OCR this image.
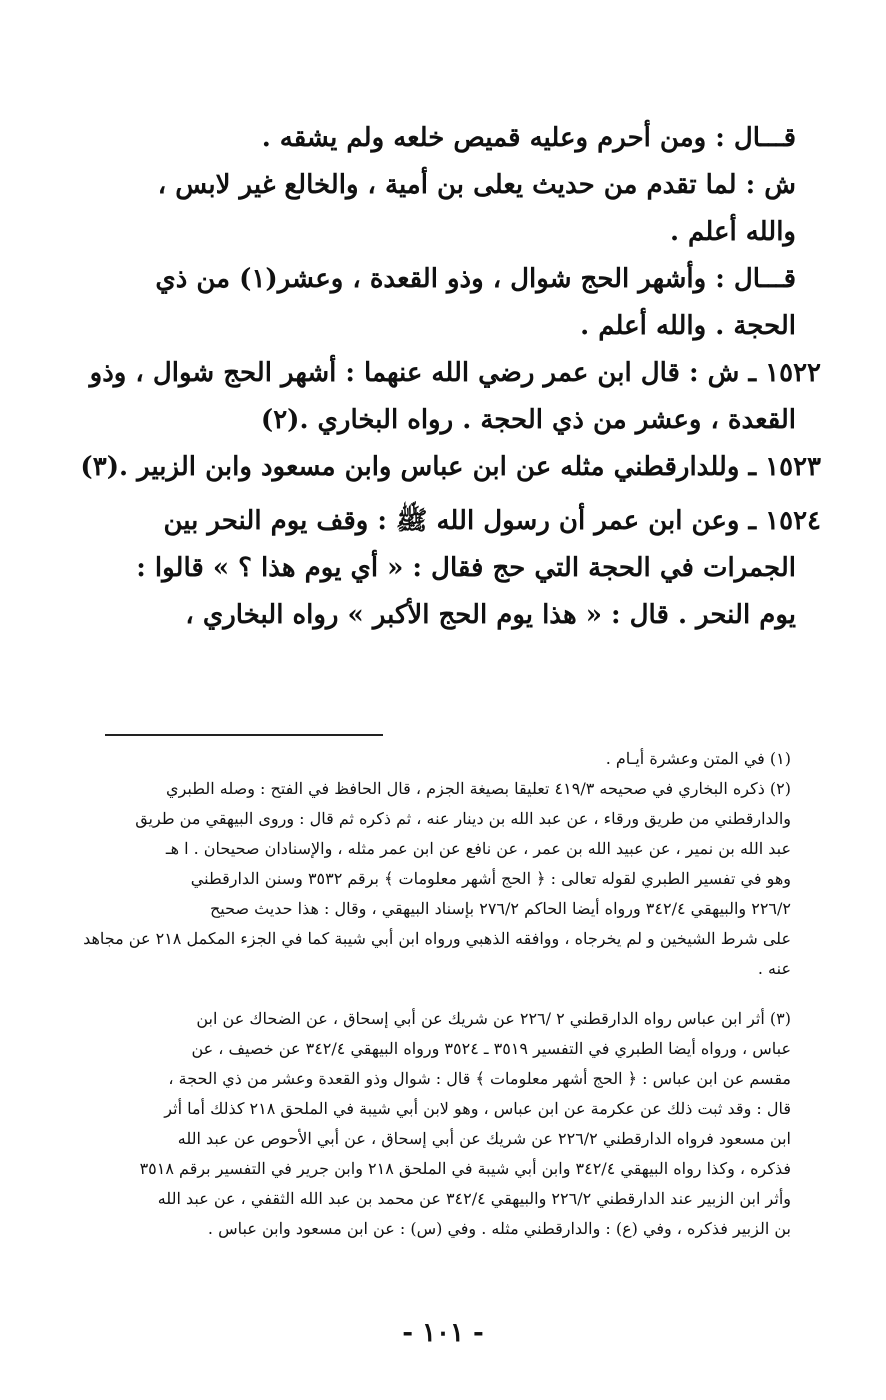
قـــال : ومن أحرم وعليه قميص خلعه ولم يشقه .
ش : لما تقدم من حديث يعلى بن أمية ، والخالع غير لابس ،
والله أعلم .
قـــال : وأشهر الحج شوال ، وذو القعدة ، وعشر(١) من ذي
الحجة . والله أعلم .
١٥٢٢ ـ ش : قال ابن عمر رضي الله عنهما : أشهر الحج شوال ، وذو
القعدة ، وعشر من ذي الحجة . رواه البخاري .(٢)
١٥٢٣ ـ وللدارقطني مثله عن ابن عباس وابن مسعود وابن الزبير .(٣)
١٥٢٤ ـ وعن ابن عمر أن رسول الله ﷺ : وقف يوم النحر بين
الجمرات في الحجة التي حج فقال : « أي يوم هذا ؟ » قالوا :
يوم النحر . قال : « هذا يوم الحج الأكبر » رواه البخاري ،
(١) في المتن وعشرة أيـام .
(٢) ذكره البخاري في صحيحه ٤١٩/٣ تعليقا بصيغة الجزم ، قال الحافظ في الفتح : وصله الطبري
والدارقطني من طريق ورقاء ، عن عبد الله بن دينار عنه ، ثم ذكره ثم قال : وروى البيهقي من طريق
عبد الله بن نمير ، عن عبيد الله بن عمر ، عن نافع عن ابن عمر مثله ، والإسنادان صحيحان . ا هـ
وهو في تفسير الطبري لقوله تعالى : ﴿ الحج أشهر معلومات ﴾ برقم ٣٥٣٢ وسنن الدارقطني
٢٢٦/٢ والبيهقي ٣٤٢/٤ ورواه أيضا الحاكم ٢٧٦/٢ بإسناد البيهقي ، وقال : هذا حديث صحيح
على شرط الشيخين و لم يخرجاه ، ووافقه الذهبي ورواه ابن أبي شيبة كما في الجزء المكمل ٢١٨ عن مجاهد
عنه .
(٣) أثر ابن عباس رواه الدارقطني ٢ /٢٢٦ عن شريك عن أبي إسحاق ، عن الضحاك عن ابن
عباس ، ورواه أيضا الطبري في التفسير ٣٥١٩ ـ ٣٥٢٤ ورواه البيهقي ٣٤٢/٤ عن خصيف ، عن
مقسم عن ابن عباس : ﴿ الحج أشهر معلومات ﴾ قال : شوال وذو القعدة وعشر من ذي الحجة ،
قال : وقد ثبت ذلك عن عكرمة عن ابن عباس ، وهو لابن أبي شيبة في الملحق ٢١٨ كذلك أما أثر
ابن مسعود فرواه الدارقطني ٢٢٦/٢ عن شريك عن أبي إسحاق ، عن أبي الأحوص عن عبد الله
فذكره ، وكذا رواه البيهقي ٣٤٢/٤ وابن أبي شيبة في الملحق ٢١٨ وابن جرير في التفسير برقم ٣٥١٨
وأثر ابن الزبير عند الدارقطني ٢٢٦/٢ والبيهقي ٣٤٢/٤ عن محمد بن عبد الله الثقفي ، عن عبد الله
بن الزبير فذكره ، وفي (ع) : والدارقطني مثله . وفي (س) : عن ابن مسعود وابن عباس .
- ١٠١ -
